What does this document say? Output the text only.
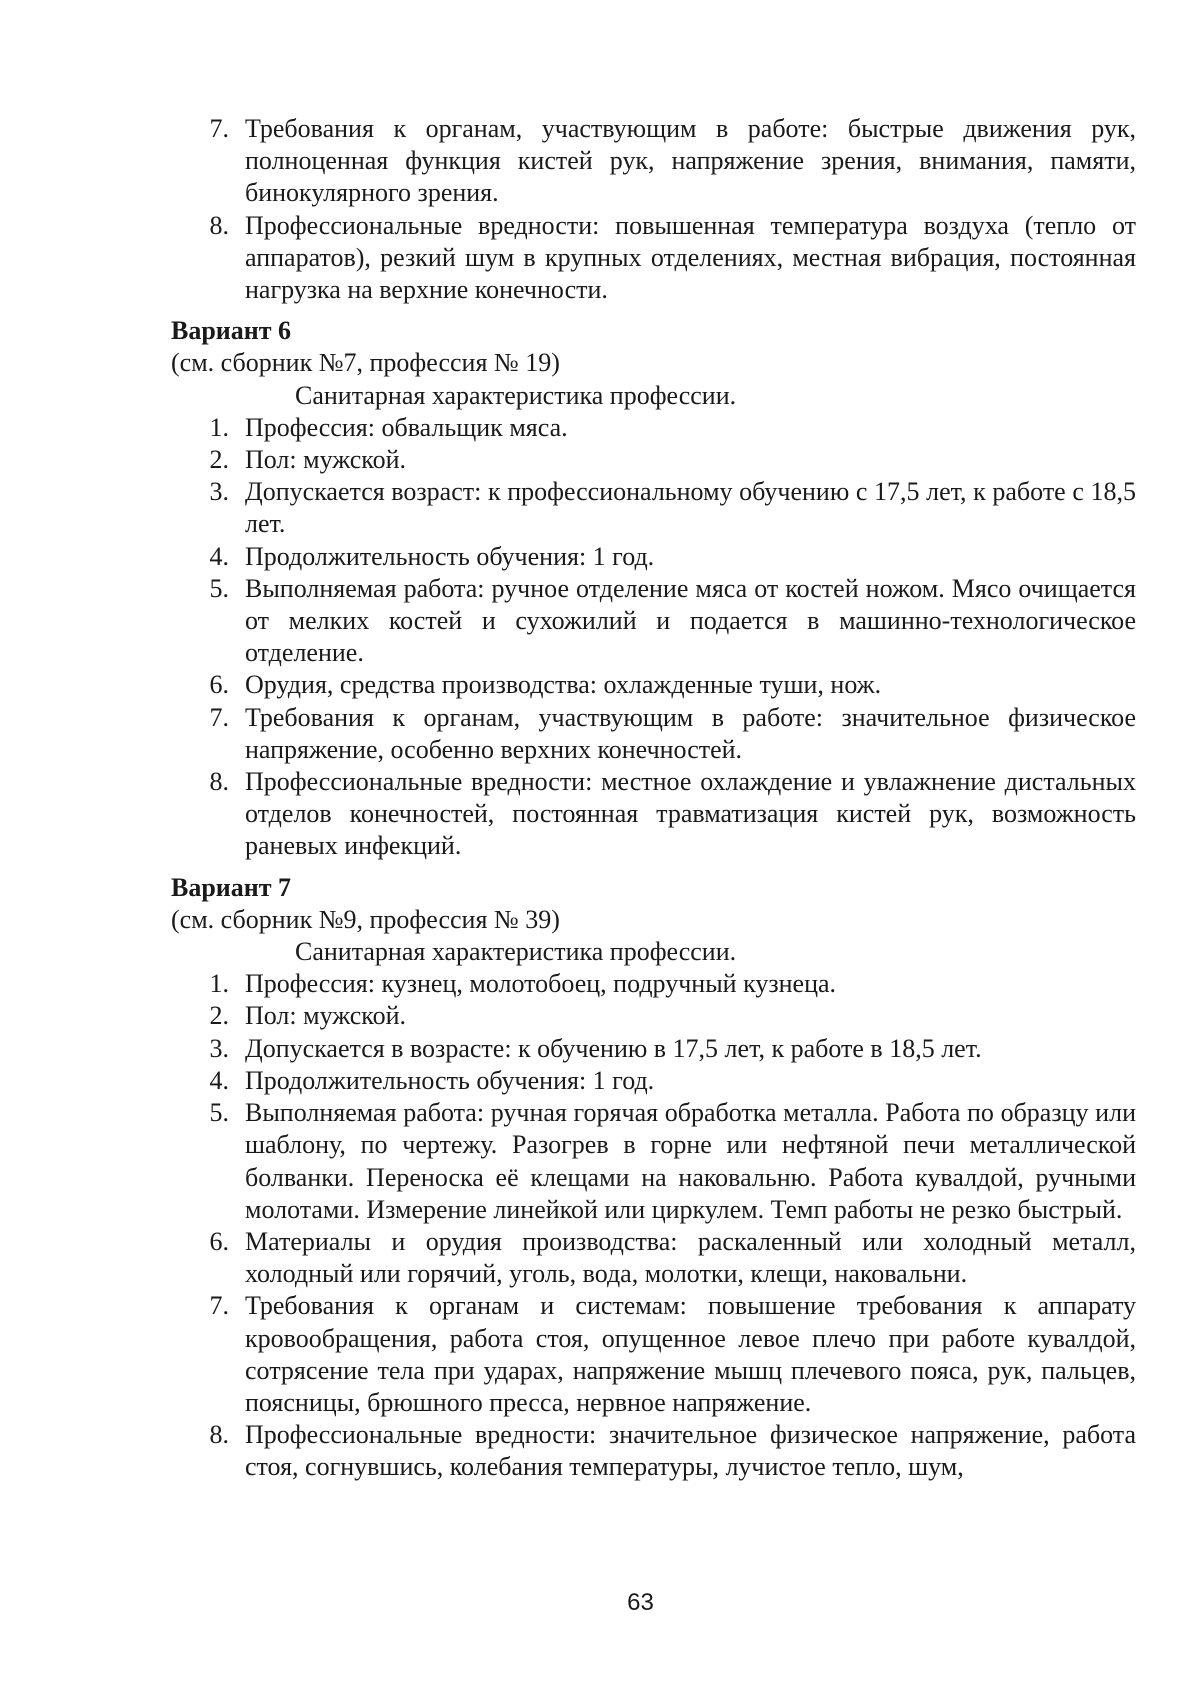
7. Требования к органам, участвующим в работе: быстрые движения рук, полноценная функция кистей рук, напряжение зрения, внимания, памяти, бинокулярного зрения.
8. Профессиональные вредности: повышенная температура воздуха (тепло от аппаратов), резкий шум в крупных отделениях, местная вибрация, постоянная нагрузка на верхние конечности.
Вариант 6
(см. сборник №7, профессия № 19)
Санитарная характеристика профессии.
1. Профессия: обвальщик мяса.
2. Пол: мужской.
3. Допускается возраст: к профессиональному обучению с 17,5 лет, к работе с 18,5 лет.
4. Продолжительность обучения: 1 год.
5. Выполняемая работа: ручное отделение мяса от костей ножом. Мясо очищается от мелких костей и сухожилий и подается в машинно-технологическое отделение.
6. Орудия, средства производства: охлажденные туши, нож.
7. Требования к органам, участвующим в работе: значительное физическое напряжение, особенно верхних конечностей.
8. Профессиональные вредности: местное охлаждение и увлажнение дистальных отделов конечностей, постоянная травматизация кистей рук, возможность раневых инфекций.
Вариант 7
(см. сборник №9, профессия № 39)
Санитарная характеристика профессии.
1. Профессия: кузнец, молотобоец, подручный кузнеца.
2. Пол: мужской.
3. Допускается в возрасте: к обучению в 17,5 лет, к работе в 18,5 лет.
4. Продолжительность обучения: 1 год.
5. Выполняемая работа: ручная горячая обработка металла. Работа по образцу или шаблону, по чертежу. Разогрев в горне или нефтяной печи металлической болванки. Переноска её клещами на наковальню. Работа кувалдой, ручными молотами. Измерение линейкой или циркулем. Темп работы не резко быстрый.
6. Материалы и орудия производства: раскаленный или холодный металл, холодный или горячий, уголь, вода, молотки, клещи, наковальни.
7. Требования к органам и системам: повышение требования к аппарату кровообращения, работа стоя, опущенное левое плечо при работе кувалдой, сотрясение тела при ударах, напряжение мышц плечевого пояса, рук, пальцев, поясницы, брюшного пресса, нервное напряжение.
8. Профессиональные вредности: значительное физическое напряжение, работа стоя, согнувшись, колебания температуры, лучистое тепло, шум,
63
